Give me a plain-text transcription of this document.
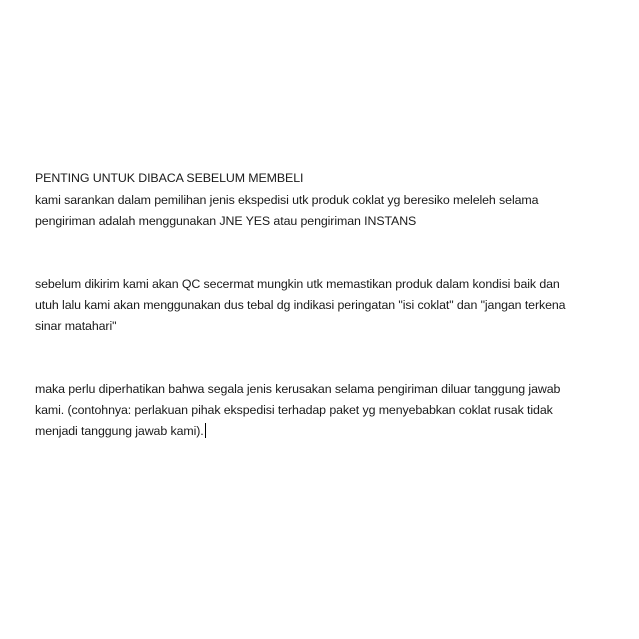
PENTING UNTUK DIBACA SEBELUM MEMBELI

kami sarankan dalam pemilihan jenis ekspedisi utk produk coklat yg beresiko meleleh selama
pengiriman adalah menggunakan JNE YES atau pengiriman INSTANS

sebelum dikirim kami akan QC secermat mungkin utk memastikan produk dalam kondisi baik dan
utuh lalu kami akan menggunakan dus tebal dg indikasi peringatan "isi coklat" dan "jangan terkena
sinar matahari"

maka perlu diperhatikan bahwa segala jenis kerusakan selama pengiriman diluar tanggung jawab
kami. (contohnya: perlakuan pihak ekspedisi terhadap paket yg menyebabkan coklat rusak tidak
menjadi tanggung jawab kami).
